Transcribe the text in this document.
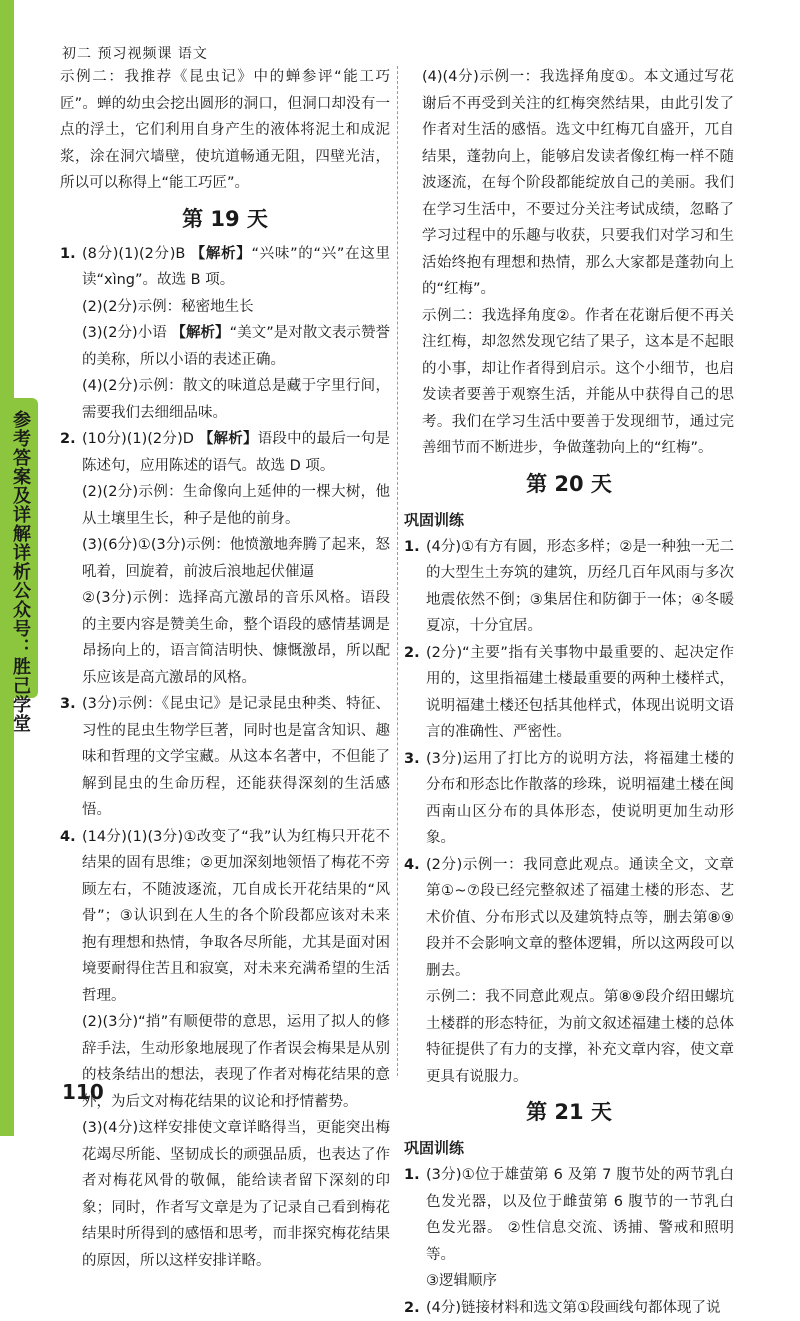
参考答案及详解详析公众号：胜己学堂
初二 预习视频课 语文

示例二：我推荐《昆虫记》中的蝉参评“能工巧匠”。蝉的幼虫会挖出圆形的洞口，但洞口却没有一点的浮土，它们利用自身产生的液体将泥土和成泥浆，涂在洞穴墙壁，使坑道畅通无阻，四壁光洁，所以可以称得上“能工巧匠”。

第 19 天
1. (8分)(1)(2分)B 【解析】“兴味”的“兴”在这里读“xìng”。故选 B 项。

(2)(2分)示例：秘密地生长

(3)(2分)小语 【解析】“美文”是对散文表示赞誉的美称，所以小语的表述正确。

(4)(2分)示例：散文的味道总是藏于字里行间，需要我们去细细品味。

2. (10分)(1)(2分)D 【解析】语段中的最后一句是陈述句，应用陈述的语气。故选 D 项。

(2)(2分)示例：生命像向上延伸的一棵大树，他从土壤里生长，种子是他的前身。

(3)(6分)①(3分)示例：他愤激地奔腾了起来，怒吼着，回旋着，前波后浪地起伏催逼

②(3分)示例：选择高亢激昂的音乐风格。语段的主要内容是赞美生命，整个语段的感情基调是昂扬向上的，语言简洁明快、慷慨激昂，所以配乐应该是高亢激昂的风格。

3. (3分)示例：《昆虫记》是记录昆虫种类、特征、习性的昆虫生物学巨著，同时也是富含知识、趣味和哲理的文学宝藏。从这本名著中，不但能了解到昆虫的生命历程，还能获得深刻的生活感悟。

4. (14分)(1)(3分)①改变了“我”认为红梅只开花不结果的固有思维；②更加深刻地领悟了梅花不旁顾左右，不随波逐流，兀自成长开花结果的“风骨”；③认识到在人生的各个阶段都应该对未来抱有理想和热情，争取各尽所能，尤其是面对困境要耐得住苦且和寂寞，对未来充满希望的生活哲理。

(2)(3分)“捎”有顺便带的意思，运用了拟人的修辞手法，生动形象地展现了作者误会梅果是从别的枝条结出的想法，表现了作者对梅花结果的意外，为后文对梅花结果的议论和抒情蓄势。

(3)(4分)这样安排使文章详略得当，更能突出梅花竭尽所能、坚韧成长的顽强品质，也表达了作者对梅花风骨的敬佩，能给读者留下深刻的印象；同时，作者写文章是为了记录自己看到梅花结果时所得到的感悟和思考，而非探究梅花结果的原因，所以这样安排详略。

(4)(4分)示例一：我选择角度①。本文通过写花谢后不再受到关注的红梅突然结果，由此引发了作者对生活的感悟。选文中红梅兀自盛开，兀自结果，蓬勃向上，能够启发读者像红梅一样不随波逐流，在每个阶段都能绽放自己的美丽。我们在学习生活中，不要过分关注考试成绩，忽略了学习过程中的乐趣与收获，只要我们对学习和生活始终抱有理想和热情，那么大家都是蓬勃向上的“红梅”。

示例二：我选择角度②。作者在花谢后便不再关注红梅，却忽然发现它结了果子，这本是不起眼的小事，却让作者得到启示。这个小细节，也启发读者要善于观察生活，并能从中获得自己的思考。我们在学习生活中要善于发现细节，通过完善细节而不断进步，争做蓬勃向上的“红梅”。

第 20 天

巩固训练

1. (4分)①有方有圆，形态多样；②是一种独一无二的大型生土夯筑的建筑，历经几百年风雨与多次地震依然不倒；③集居住和防御于一体；④冬暖夏凉，十分宜居。

2. (2分)“主要”指有关事物中最重要的、起决定作用的，这里指福建土楼最重要的两种土楼样式，说明福建土楼还包括其他样式，体现出说明文语言的准确性、严密性。

3. (3分)运用了打比方的说明方法，将福建土楼的分布和形态比作散落的珍珠，说明福建土楼在闽西南山区分布的具体形态，使说明更加生动形象。

4. (2分)示例一：我同意此观点。通读全文，文章第①~⑦段已经完整叙述了福建土楼的形态、艺术价值、分布形式以及建筑特点等，删去第⑧⑨段并不会影响文章的整体逻辑，所以这两段可以删去。

示例二：我不同意此观点。第⑧⑨段介绍田螺坑土楼群的形态特征，为前文叙述福建土楼的总体特征提供了有力的支撑，补充文章内容，使文章更具有说服力。

第 21 天

巩固训练

1. (3分)①位于雄萤第 6 及第 7 腹节处的两节乳白色发光器，以及位于雌萤第 6 腹节的一节乳白色发光器。 ②性信息交流、诱捕、警戒和照明等。

③逻辑顺序

2. (4分)链接材料和选文第①段画线句都体现了说

110
